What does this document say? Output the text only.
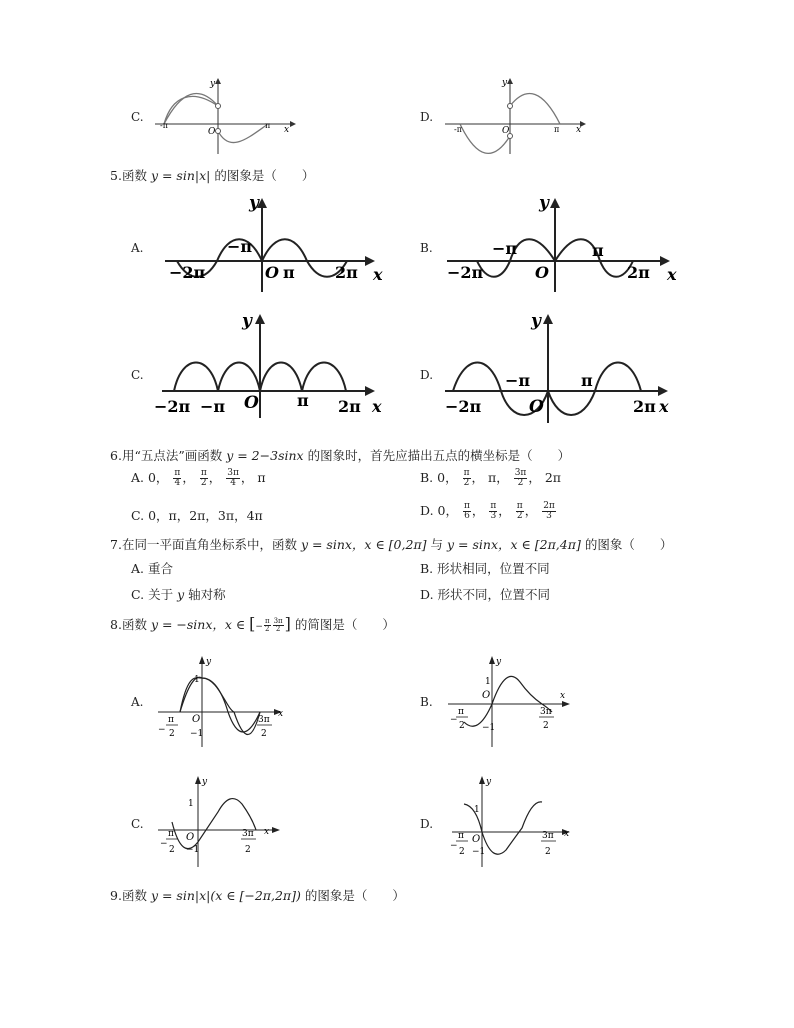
C.
-π
O
π x
y
D.
-π	O	π x
y
5.函数 y = sin|x| 的图象是（　　）
A.
−2π
−π
O π	2π x
y
B.
−2π
−π
O
π
2π x
y
C.
−2π −π O π 2π x
y
D.
−2π
−π
O
π
2π x
y
6.用“五点法”画函数 y = 2−3sinx 的图象时，首先应描出五点的横坐标是（　　）
A. 0， $\frac{\pi}{4}$ ， $\frac{\pi}{2}$ ， $\frac{3\pi}{4}$ ， π	B. 0， $\frac{\pi}{2}$ ， π， $\frac{3\pi}{2}$ ， 2π
C. 0，π，2π，3π，4π	D. 0， $\frac{\pi}{6}$ ， $\frac{\pi}{3}$ ， $\frac{\pi}{2}$ ， $\frac{2\pi}{3}$
7.在同一平面直角坐标系中，函数 y = sinx，x ∈ [0,2π] 与 y = sinx，x ∈ [2π,4π] 的图象（　　）
A. 重合	B. 形状相同，位置不同
C. 关于 y 轴对称	D. 形状不同，位置不同
8.函数 y = −sinx，x ∈ [− $\frac{\pi}{2} \frac{3\pi}{2}$ ] 的简图是（　　）
A.
1
−1
O
−
π
2
3π
2
x
y
B.
1
O
−1
−
π
2
3π
2
x
y
C.
1
O
−1
−
π
2
3π
2
x
y
D.
1
O
−1
−
π
2
3π
2
x
y
9.函数 y = sin|x|(x ∈ [−2π,2π]) 的图象是（　　）
